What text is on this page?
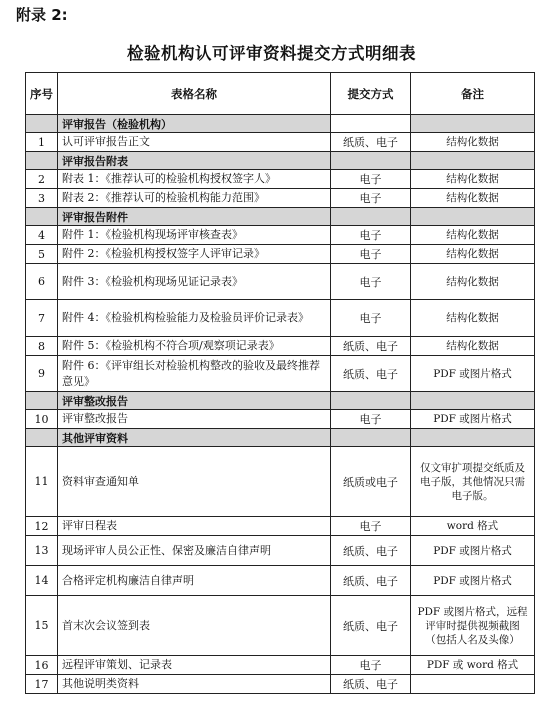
附录 2:
检验机构认可评审资料提交方式明细表
序号	表格名称	提交方式	备注
	评审报告（检验机构）		
1	认可评审报告正文	纸质、电子	结构化数据
	评审报告附表		
2	附表 1：《推荐认可的检验机构授权签字人》	电子	结构化数据
3	附表 2：《推荐认可的检验机构能力范围》	电子	结构化数据
	评审报告附件		
4	附件 1：《检验机构现场评审核查表》	电子	结构化数据
5	附件 2：《检验机构授权签字人评审记录》	电子	结构化数据
6	附件 3：《检验机构现场见证记录表》	电子	结构化数据
7	附件 4：《检验机构检验能力及检验员评价记录表》	电子	结构化数据
8	附件 5：《检验机构不符合项/观察项记录表》	纸质、电子	结构化数据
9	附件 6：《评审组长对检验机构整改的验收及最终推荐意见》	纸质、电子	PDF 或图片格式
	评审整改报告		
10	评审整改报告	电子	PDF 或图片格式
	其他评审资料		
11	资料审查通知单	纸质或电子	仅文审扩项提交纸质及电子版，其他情况只需电子版。
12	评审日程表	电子	word 格式
13	现场评审人员公正性、保密及廉洁自律声明	纸质、电子	PDF 或图片格式
14	合格评定机构廉洁自律声明	纸质、电子	PDF 或图片格式
15	首末次会议签到表	纸质、电子	PDF 或图片格式，远程评审时提供视频截图（包括人名及头像）
16	远程评审策划、记录表	电子	PDF 或 word 格式
17	其他说明类资料	纸质、电子	
